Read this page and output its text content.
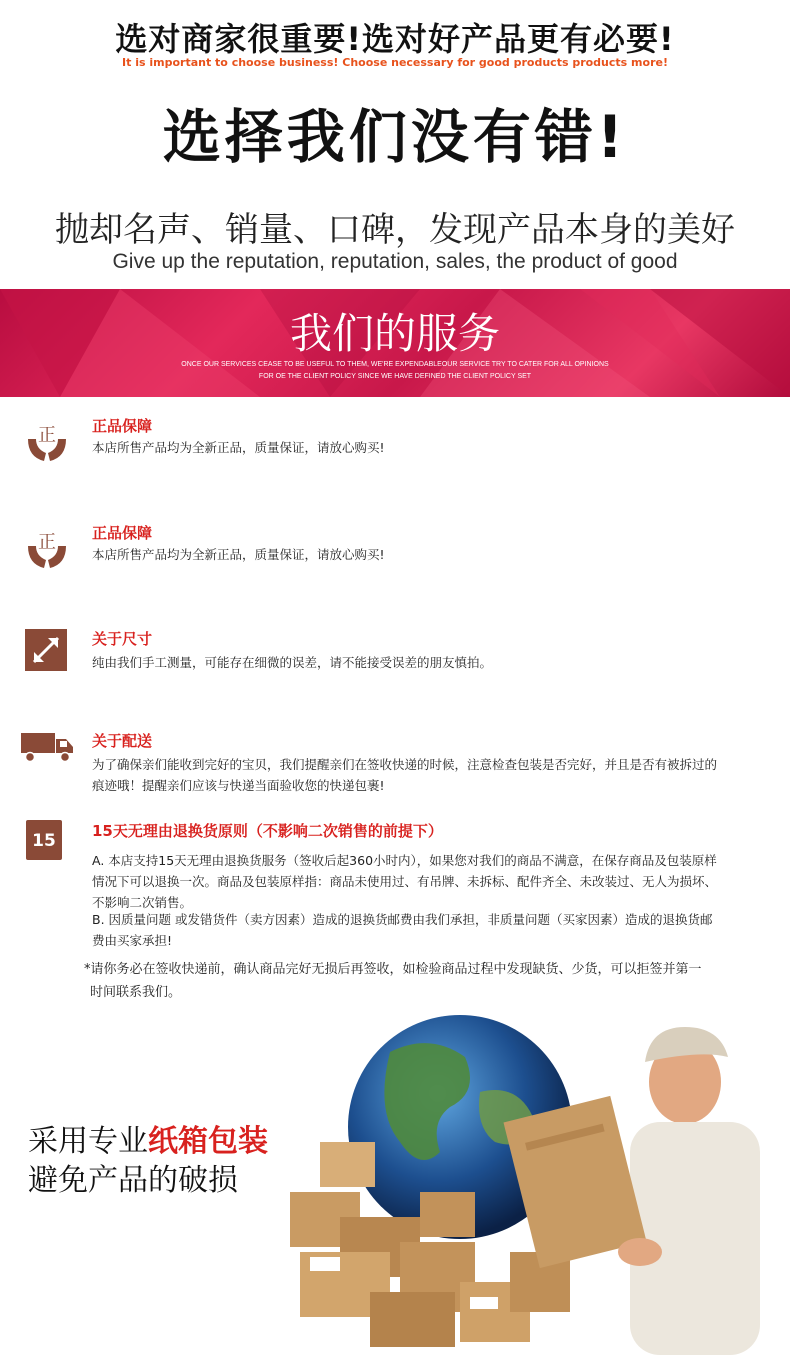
选对商家很重要!选对好产品更有必要!
It is important to choose business! Choose necessary for good products products more!
选择我们没有错!
抛却名声、销量、口碑，发现产品本身的美好
Give up the reputation, reputation, sales, the product of good
我们的服务
ONCE OUR SERVICES CEASE TO BE USEFUL TO THEM, WE'RE EXPENDABLEOUR SERVICE TRY TO CATER FOR ALL OPINIONS
FOR OE THE CLIENT POLICY SINCE WE HAVE DEFINED THE CLIENT POLICY SET
正 正品保障
本店所售产品均为全新正品，质量保证，请放心购买!
正 正品保障
本店所售产品均为全新正品，质量保证，请放心购买!
关于尺寸
纯由我们手工测量，可能存在细微的误差，请不能接受误差的朋友慎拍。
关于配送
为了确保亲们能收到完好的宝贝，我们提醒亲们在签收快递的时候，注意检查包装是否完好，并且是否有被拆过的
痕迹哦！提醒亲们应该与快递当面验收您的快递包裹!
15	15天无理由退换货原则（不影响二次销售的前提下）
A. 本店支持15天无理由退换货服务（签收后起360小时内），如果您对我们的商品不满意，在保存商品及包装原样
情况下可以退换一次。商品及包装原样指：商品未使用过、有吊牌、未拆标、配件齐全、未改装过、无人为损坏、
不影响二次销售。
B. 因质量问题 或发错货件（卖方因素）造成的退换货邮费由我们承担，非质量问题（买家因素）造成的退换货邮
费由买家承担!
*请你务必在签收快递前，确认商品完好无损后再签收，如检验商品过程中发现缺货、少货，可以拒签并第一
时间联系我们。
采用专业纸箱包装
避免产品的破损
